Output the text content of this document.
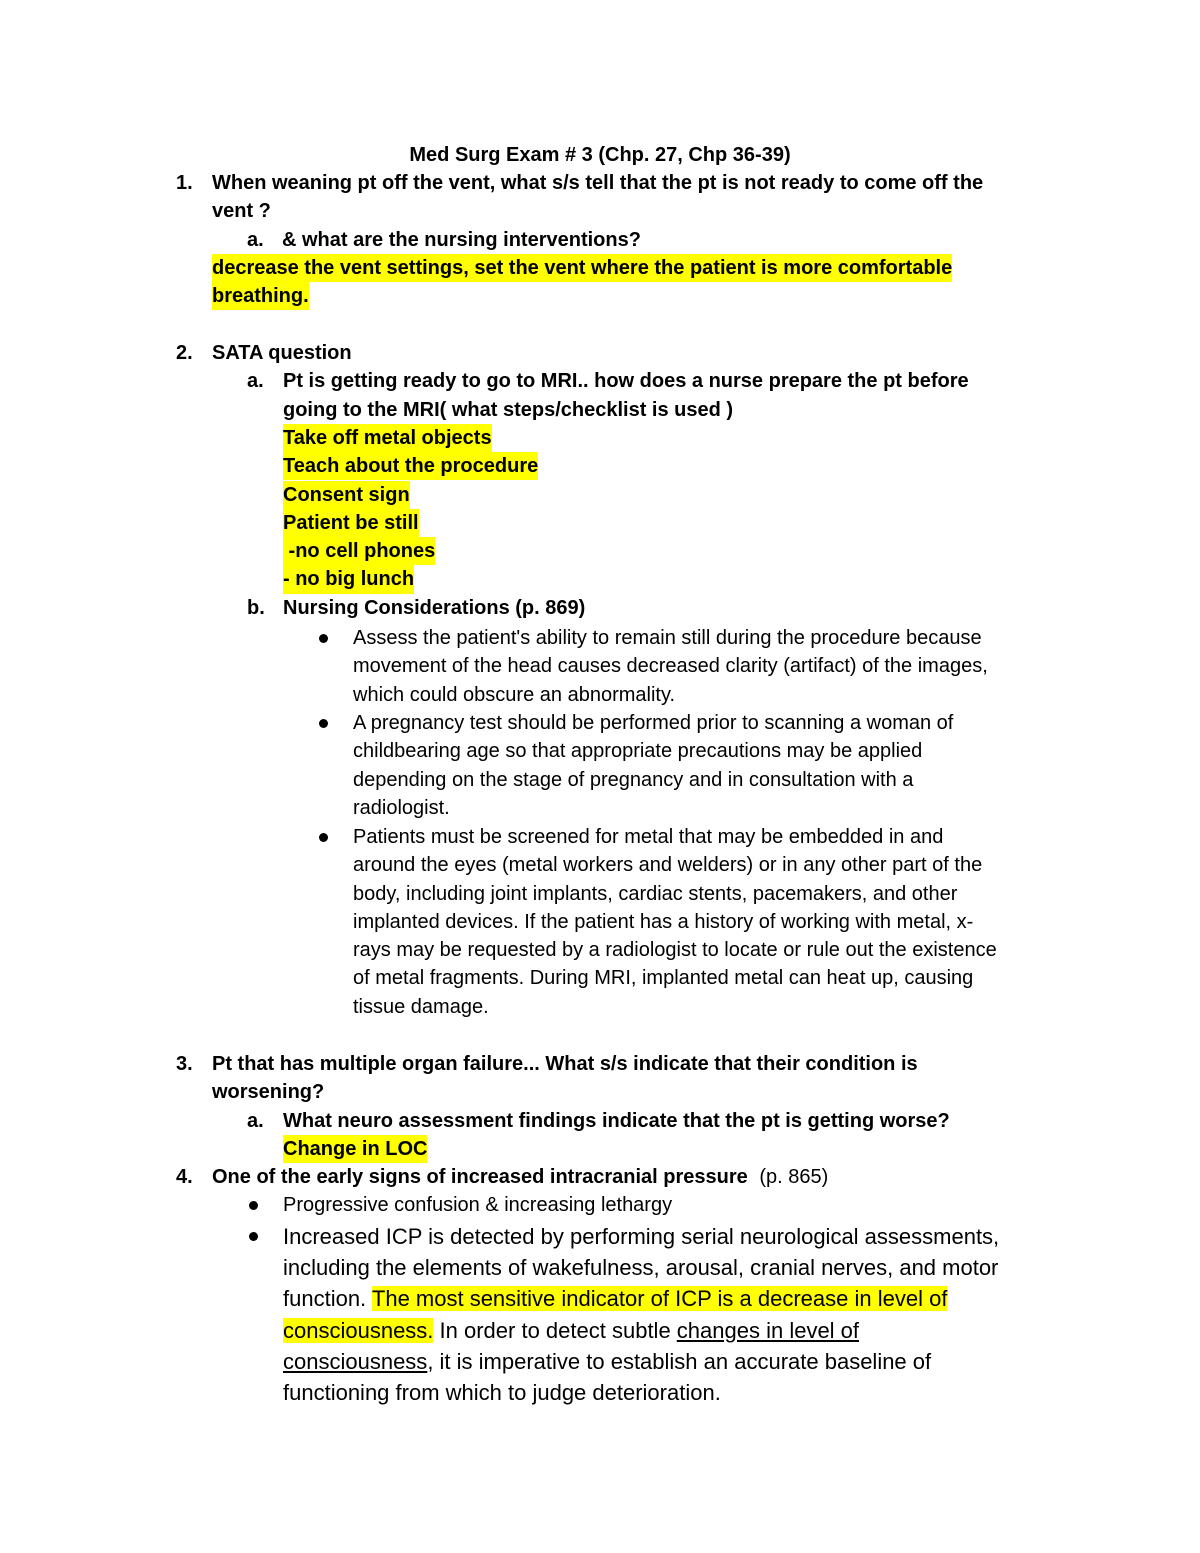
Med Surg Exam # 3 (Chp. 27, Chp 36-39)
1. When weaning pt off the vent, what s/s tell that the pt is not ready to come off the
vent ?
a. & what are the nursing interventions?
decrease the vent settings, set the vent where the patient is more comfortable
breathing.
2. SATA question
a. Pt is getting ready to go to MRI.. how does a nurse prepare the pt before
going to the MRI( what steps/checklist is used )
Take off metal objects
Teach about the procedure
Consent sign
Patient be still
-no cell phones
- no big lunch
b. Nursing Considerations (p. 869)
Assess the patient's ability to remain still during the procedure because
movement of the head causes decreased clarity (artifact) of the images,
which could obscure an abnormality.
A pregnancy test should be performed prior to scanning a woman of
childbearing age so that appropriate precautions may be applied
depending on the stage of pregnancy and in consultation with a
radiologist.
Patients must be screened for metal that may be embedded in and
around the eyes (metal workers and welders) or in any other part of the
body, including joint implants, cardiac stents, pacemakers, and other
implanted devices. If the patient has a history of working with metal, x-
rays may be requested by a radiologist to locate or rule out the existence
of metal fragments. During MRI, implanted metal can heat up, causing
tissue damage.
3. Pt that has multiple organ failure... What s/s indicate that their condition is
worsening?
a. What neuro assessment findings indicate that the pt is getting worse?
Change in LOC
4. One of the early signs of increased intracranial pressure (p. 865)
Progressive confusion & increasing lethargy
Increased ICP is detected by performing serial neurological assessments,
including the elements of wakefulness, arousal, cranial nerves, and motor
function. The most sensitive indicator of ICP is a decrease in level of
consciousness. In order to detect subtle changes in level of
consciousness, it is imperative to establish an accurate baseline of
functioning from which to judge deterioration.
